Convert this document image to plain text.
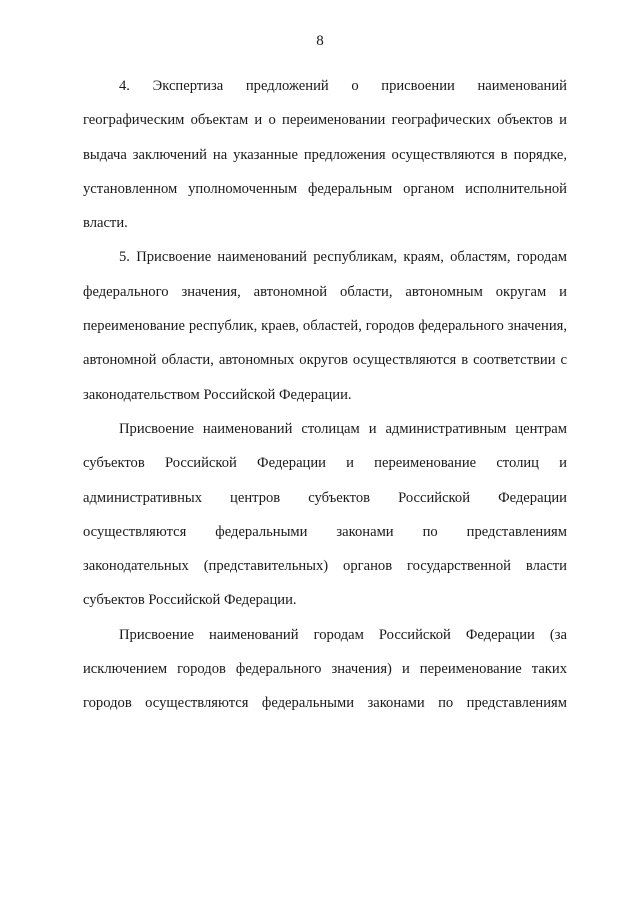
8

4. Экспертиза предложений о присвоении наименований географическим объектам и о переименовании географических объектов и выдача заключений на указанные предложения осуществляются в порядке, установленном уполномоченным федеральным органом исполнительной власти.

5. Присвоение наименований республикам, краям, областям, городам федерального значения, автономной области, автономным округам и переименование республик, краев, областей, городов федерального значения, автономной области, автономных округов осуществляются в соответствии с законодательством Российской Федерации.

Присвоение наименований столицам и административным центрам субъектов Российской Федерации и переименование столиц и административных центров субъектов Российской Федерации осуществляются федеральными законами по представлениям законодательных (представительных) органов государственной власти субъектов Российской Федерации.

Присвоение наименований городам Российской Федерации (за исключением городов федерального значения) и переименование таких городов осуществляются федеральными законами по представлениям
